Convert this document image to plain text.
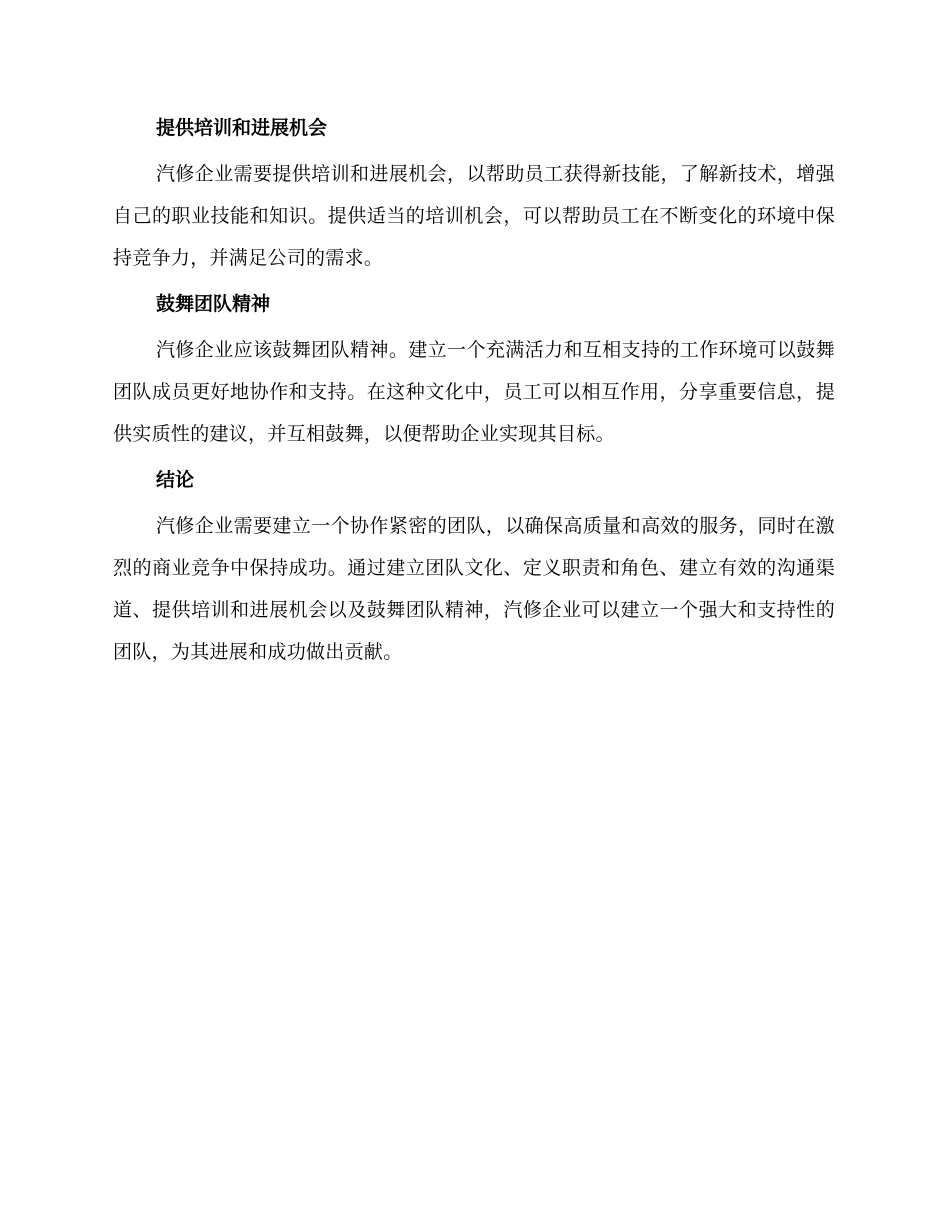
提供培训和进展机会

汽修企业需要提供培训和进展机会，以帮助员工获得新技能，了解新技术，增强自己的职业技能和知识。提供适当的培训机会，可以帮助员工在不断变化的环境中保持竞争力，并满足公司的需求。

鼓舞团队精神

汽修企业应该鼓舞团队精神。建立一个充满活力和互相支持的工作环境可以鼓舞团队成员更好地协作和支持。在这种文化中，员工可以相互作用，分享重要信息，提供实质性的建议，并互相鼓舞，以便帮助企业实现其目标。

结论

汽修企业需要建立一个协作紧密的团队，以确保高质量和高效的服务，同时在激烈的商业竞争中保持成功。通过建立团队文化、定义职责和角色、建立有效的沟通渠道、提供培训和进展机会以及鼓舞团队精神，汽修企业可以建立一个强大和支持性的团队，为其进展和成功做出贡献。
